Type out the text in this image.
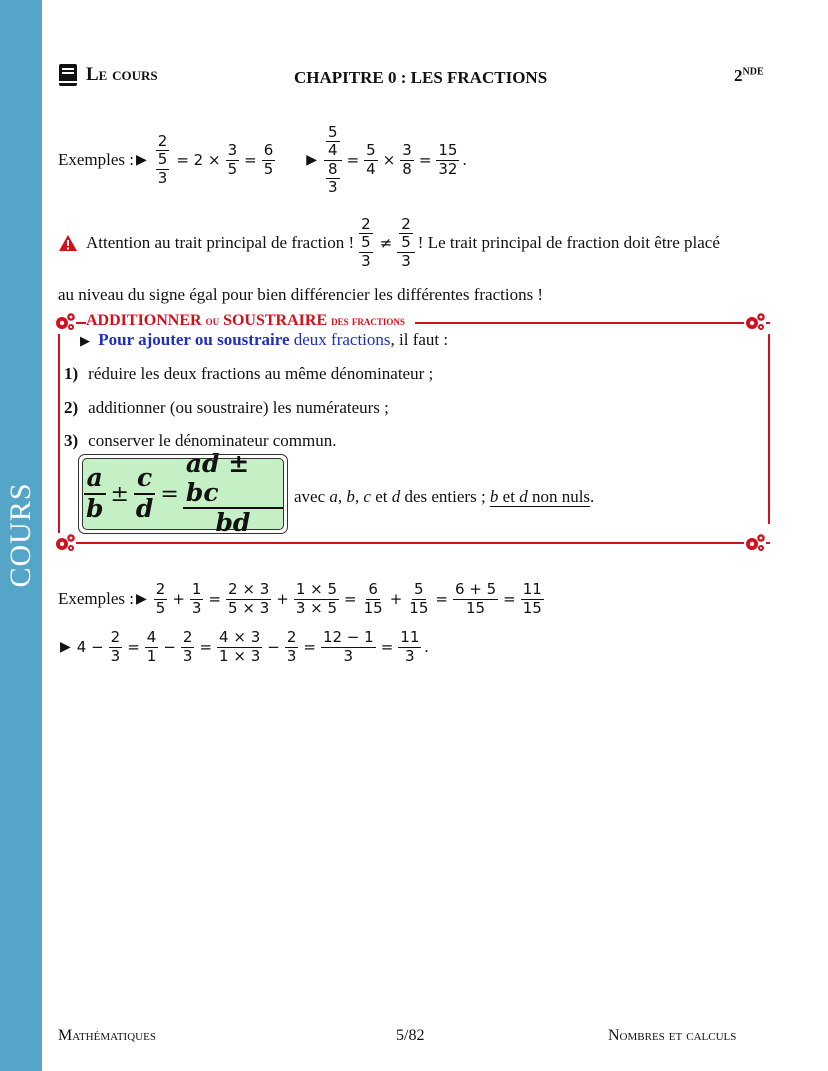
COURS
Le cours	CHAPITRE 0 : LES FRACTIONS	2NDE
Exemples : ▶ $\frac{2}{\frac{5}{3}} = 2 \times \frac{3}{5} = \frac{6}{5}$ ▶ $\frac{\frac{5}{4}}{\frac{8}{3}} = \frac{5}{4} \times \frac{3}{8} = \frac{15}{32}$ .
Attention au trait principal de fraction ! $\frac{2}{\frac{5}{3}} \ne \frac{\frac{2}{5}}{3}$ ! Le trait principal de fraction doit être placé
au niveau du signe égal pour bien différencier les différentes fractions !
ADDITIONNER ou SOUSTRAIRE des fractions
▶ Pour ajouter ou soustraire deux fractions, il faut :
1) réduire les deux fractions au même dénominateur ;
2) additionner (ou soustraire) les numérateurs ;
3) conserver le dénominateur commun.
$\frac{a}{b} \pm \frac{c}{d} = \frac{ad \pm bc}{bd}$ avec a, b, c et d des entiers ; b et d non nuls.
Exemples : ▶ $\frac{2}{5} + \frac{1}{3} = \frac{2 \times 3}{5 \times 3} + \frac{1 \times 5}{3 \times 5} = \frac{6}{15} + \frac{5}{15} = \frac{6 + 5}{15} = \frac{11}{15}$
▶ $4 - \frac{2}{3} = \frac{4}{1} - \frac{2}{3} = \frac{4 \times 3}{1 \times 3} - \frac{2}{3} = \frac{12 - 1}{3} = \frac{11}{3}$ .
Mathématiques	5/82	Nombres et calculs
